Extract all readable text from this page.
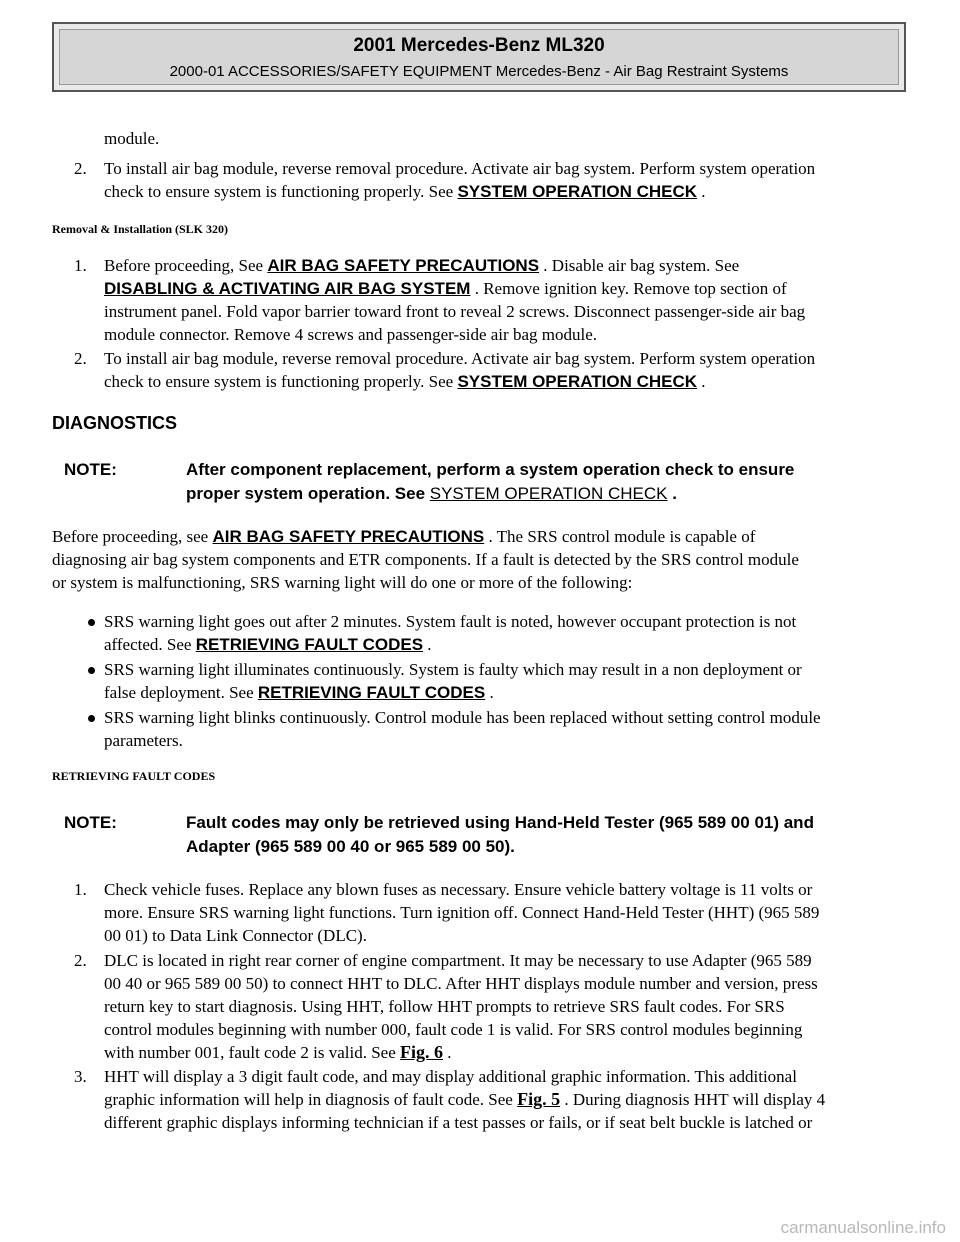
2001 Mercedes-Benz ML320
2000-01 ACCESSORIES/SAFETY EQUIPMENT Mercedes-Benz - Air Bag Restraint Systems
module.
2. To install air bag module, reverse removal procedure. Activate air bag system. Perform system operation
check to ensure system is functioning properly. See SYSTEM OPERATION CHECK .
Removal & Installation (SLK 320)
1. Before proceeding, See AIR BAG SAFETY PRECAUTIONS . Disable air bag system. See
DISABLING & ACTIVATING AIR BAG SYSTEM . Remove ignition key. Remove top section of
instrument panel. Fold vapor barrier toward front to reveal 2 screws. Disconnect passenger-side air bag
module connector. Remove 4 screws and passenger-side air bag module.
2. To install air bag module, reverse removal procedure. Activate air bag system. Perform system operation
check to ensure system is functioning properly. See SYSTEM OPERATION CHECK .
DIAGNOSTICS
NOTE:	After component replacement, perform a system operation check to ensure
proper system operation. See SYSTEM OPERATION CHECK .
Before proceeding, see AIR BAG SAFETY PRECAUTIONS . The SRS control module is capable of
diagnosing air bag system components and ETR components. If a fault is detected by the SRS control module
or system is malfunctioning, SRS warning light will do one or more of the following:
SRS warning light goes out after 2 minutes. System fault is noted, however occupant protection is not
affected. See RETRIEVING FAULT CODES .
SRS warning light illuminates continuously. System is faulty which may result in a non deployment or
false deployment. See RETRIEVING FAULT CODES .
SRS warning light blinks continuously. Control module has been replaced without setting control module
parameters.
RETRIEVING FAULT CODES
NOTE:	Fault codes may only be retrieved using Hand-Held Tester (965 589 00 01) and
Adapter (965 589 00 40 or 965 589 00 50).
1. Check vehicle fuses. Replace any blown fuses as necessary. Ensure vehicle battery voltage is 11 volts or
more. Ensure SRS warning light functions. Turn ignition off. Connect Hand-Held Tester (HHT) (965 589
00 01) to Data Link Connector (DLC).
2. DLC is located in right rear corner of engine compartment. It may be necessary to use Adapter (965 589
00 40 or 965 589 00 50) to connect HHT to DLC. After HHT displays module number and version, press
return key to start diagnosis. Using HHT, follow HHT prompts to retrieve SRS fault codes. For SRS
control modules beginning with number 000, fault code 1 is valid. For SRS control modules beginning
with number 001, fault code 2 is valid. See Fig. 6 .
3. HHT will display a 3 digit fault code, and may display additional graphic information. This additional
graphic information will help in diagnosis of fault code. See Fig. 5 . During diagnosis HHT will display 4
different graphic displays informing technician if a test passes or fails, or if seat belt buckle is latched or
carmanualsonline.info
